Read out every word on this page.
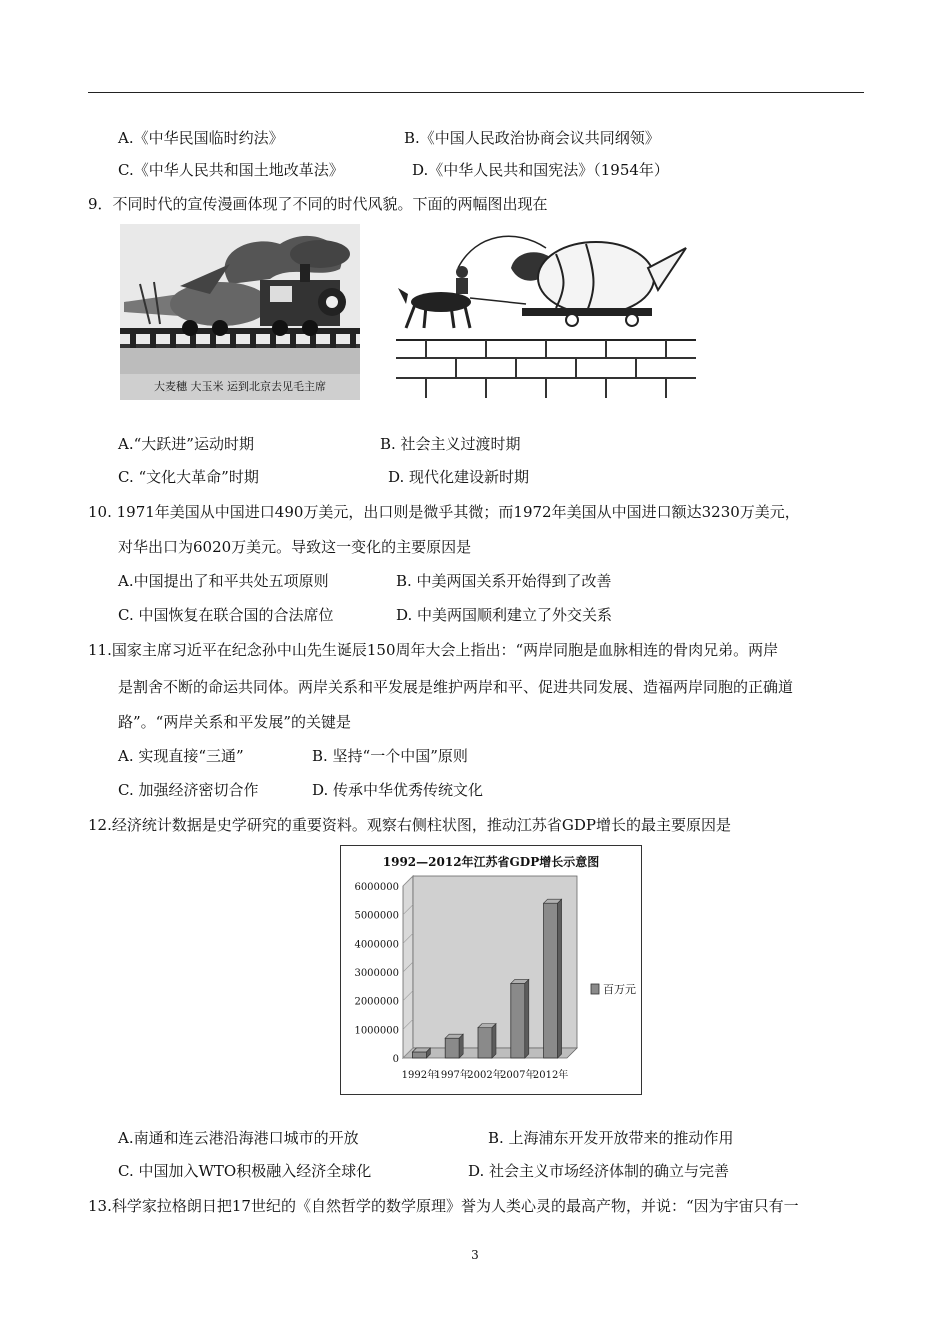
A.《中华民国临时约法》	B.《中国人民政治协商会议共同纲领》
C.《中华人民共和国土地改革法》	D.《中华人民共和国宪法》（1954年）
9．不同时代的宣传漫画体现了不同的时代风貌。下面的两幅图出现在
大麦穗 大玉米 运到北京去见毛主席
A.“大跃进”运动时期	B. 社会主义过渡时期
C. “文化大革命”时期	D. 现代化建设新时期
10. 1971年美国从中国进口490万美元，出口则是微乎其微；而1972年美国从中国进口额达3230万美元，
对华出口为6020万美元。导致这一变化的主要原因是
A.中国提出了和平共处五项原则	B. 中美两国关系开始得到了改善
C. 中国恢复在联合国的合法席位	D. 中美两国顺利建立了外交关系
11.国家主席习近平在纪念孙中山先生诞辰150周年大会上指出：“两岸同胞是血脉相连的骨肉兄弟。两岸
是割舍不断的命运共同体。两岸关系和平发展是维护两岸和平、促进共同发展、造福两岸同胞的正确道
路”。“两岸关系和平发展”的关键是
A. 实现直接“三通”	B. 坚持“一个中国”原则
C. 加强经济密切合作	D. 传承中华优秀传统文化
12.经济统计数据是史学研究的重要资料。观察右侧柱状图，推动江苏省GDP增长的最主要原因是
1992—2012年江苏省GDP增长示意图
0
1000000
2000000
3000000
4000000
5000000
6000000
1992年
1997年
2002年
2007年
2012年
百万元
A.南通和连云港沿海港口城市的开放	B. 上海浦东开发开放带来的推动作用
C. 中国加入WTO积极融入经济全球化	D. 社会主义市场经济体制的确立与完善
13.科学家拉格朗日把17世纪的《自然哲学的数学原理》誉为人类心灵的最高产物，并说：“因为宇宙只有一
3
